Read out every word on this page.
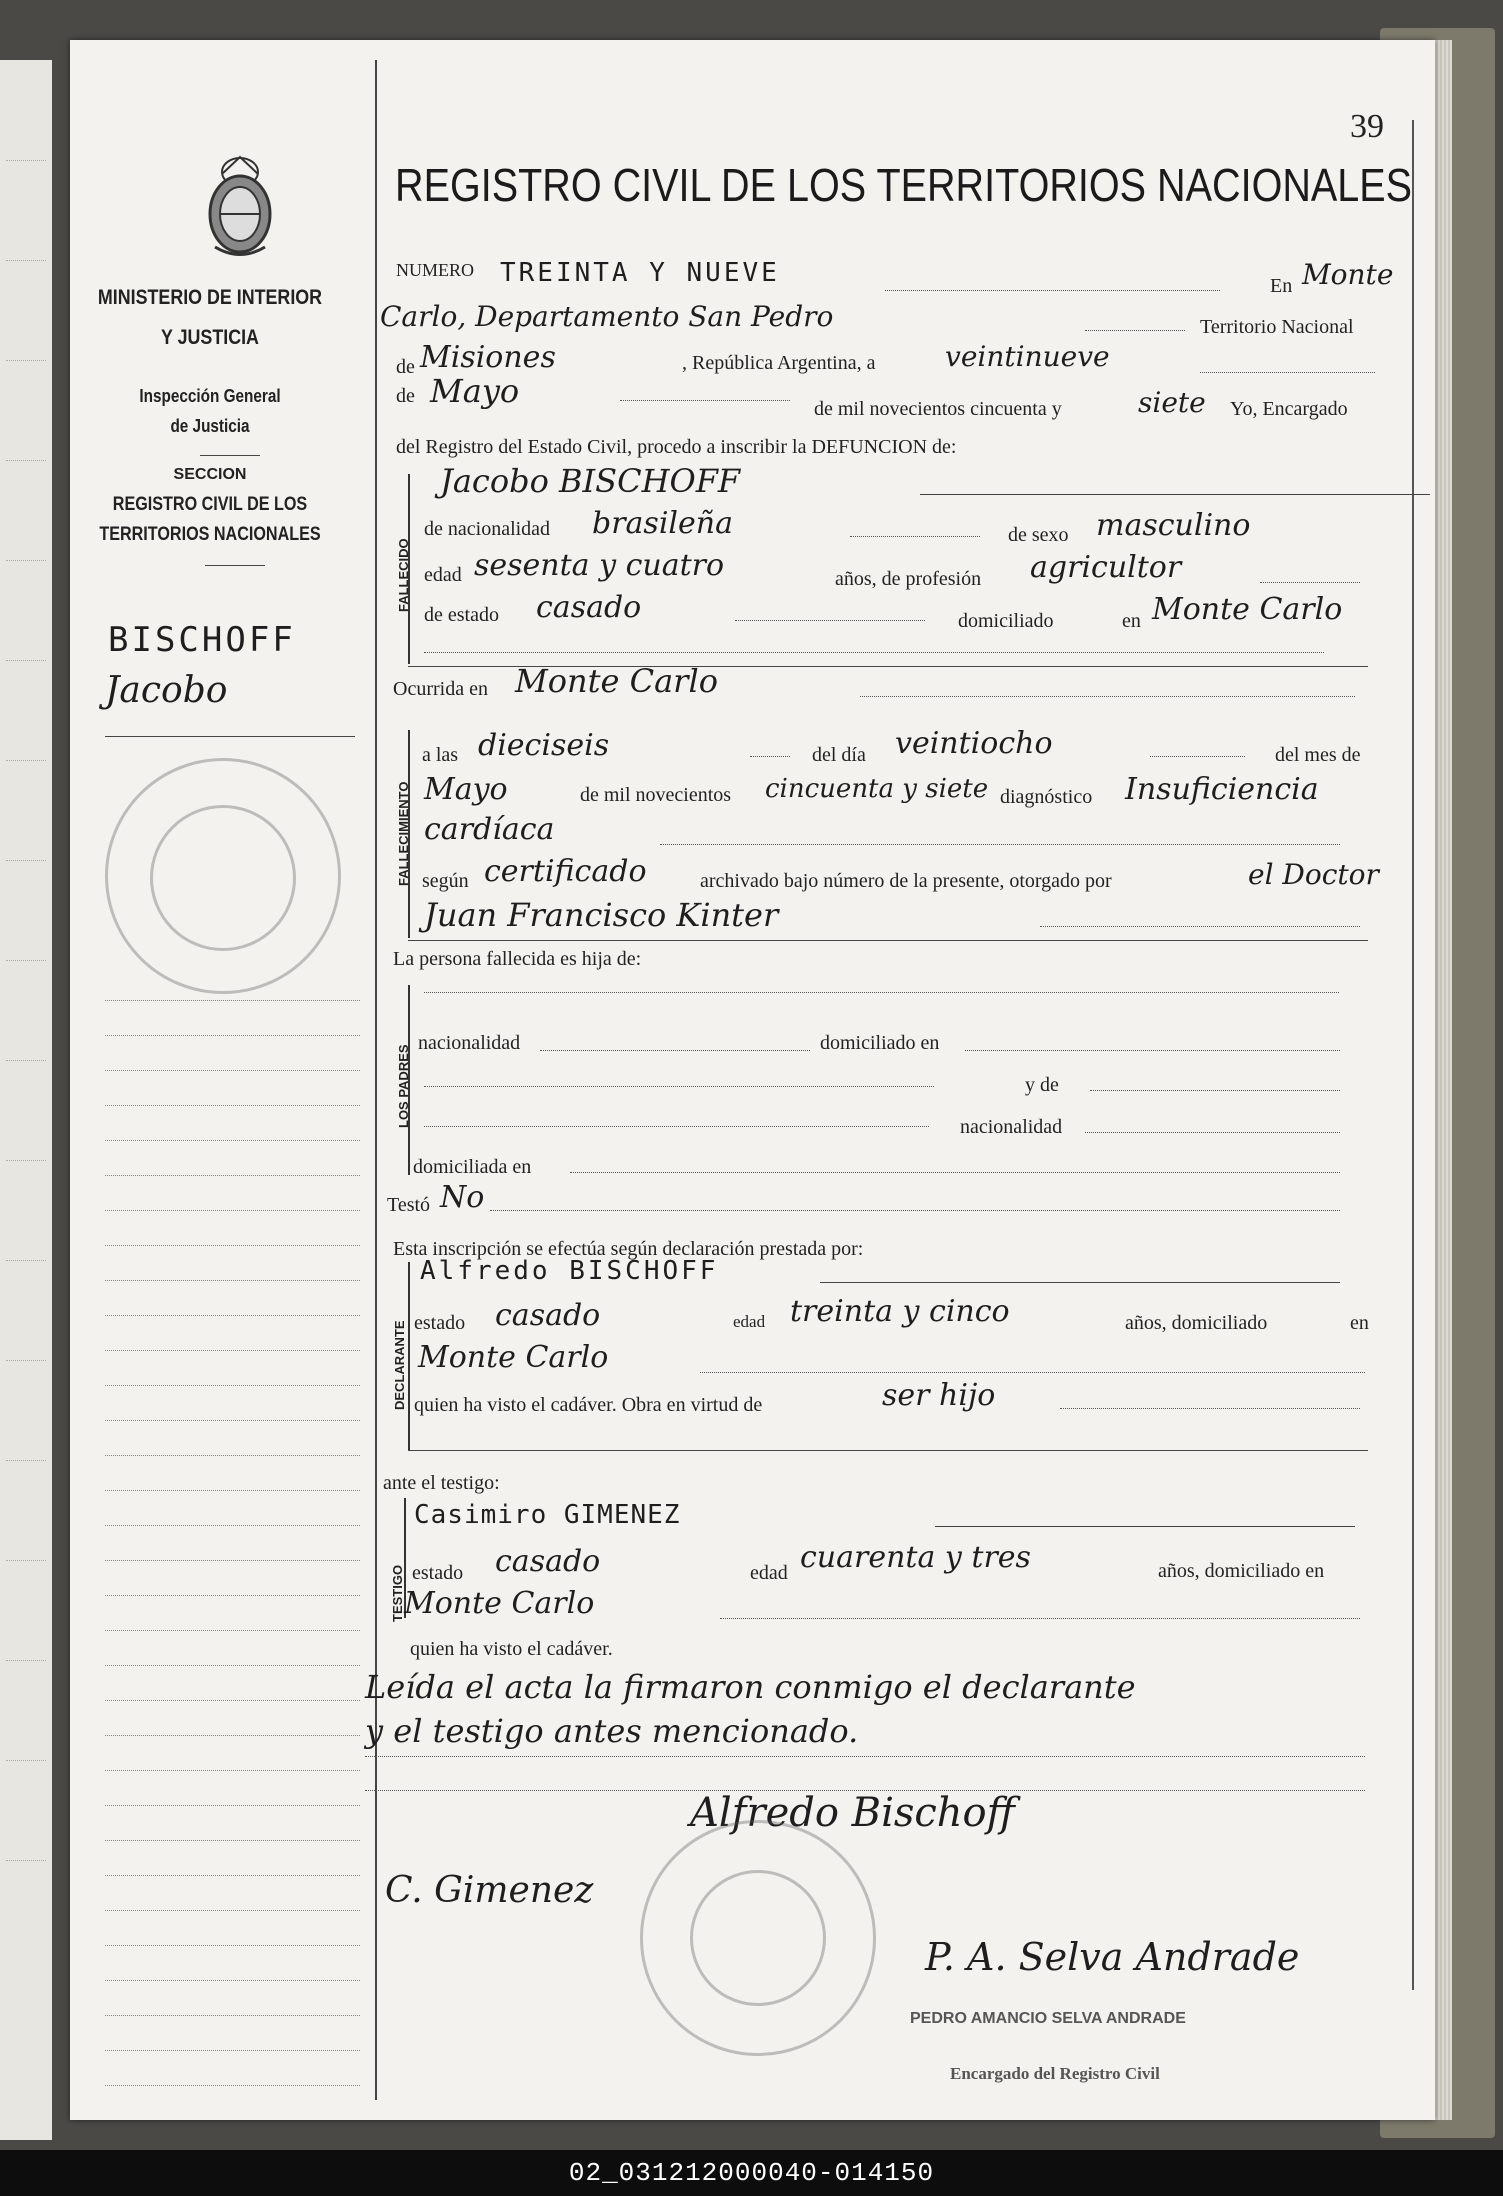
MINISTERIO DE INTERIOR
Y JUSTICIA
Inspección General
de Justicia
SECCION
REGISTRO CIVIL DE LOS
TERRITORIOS NACIONALES
BISCHOFF
Jacobo
39
REGISTRO CIVIL DE LOS TERRITORIOS NACIONALES
NUMERO TREINTA Y NUEVE	En Monte
Carlo, Departamento San Pedro	Territorio Nacional
de Misiones	, República Argentina, a veintinueve
de Mayo	de mil novecientos cincuenta y	siete Yo, Encargado
del Registro del Estado Civil, procedo a inscribir la DEFUNCION de:
FALLECIDO
Jacobo BISCHOFF
de nacionalidad brasileña	de sexo masculino
edad sesenta y cuatro	años, de profesión agricultor
de estado casado	domiciliado	en Monte Carlo
Ocurrida en Monte Carlo
FALLECIMIENTO
a las dieciseis	del día veintiocho	del mes de
Mayo	de mil novecientos cincuenta y siete diagnóstico Insuficiencia
cardíaca
según certificado	archivado bajo número de la presente, otorgado por	el Doctor
Juan Francisco Kinter
La persona fallecida es hija de:
LOS PADRES
nacionalidad	domiciliado en
y de
nacionalidad
domiciliada en
Testó No
Esta inscripción se efectúa según declaración prestada por:
DECLARANTE
Alfredo BISCHOFF
estado casado	edad treinta y cinco	años, domiciliado	en
Monte Carlo
quien ha visto el cadáver. Obra en virtud de	ser hijo
ante el testigo:
TESTIGO
Casimiro GIMENEZ
estado casado	edad cuarenta y tres	años, domiciliado en
Monte Carlo
quien ha visto el cadáver.
Leída el acta la firmaron conmigo el declarante
y el testigo antes mencionado.
Alfredo Bischoff
C. Gimenez
P. A. Selva Andrade
PEDRO AMANCIO SELVA ANDRADE
Encargado del Registro Civil
02_031212000040-014150
